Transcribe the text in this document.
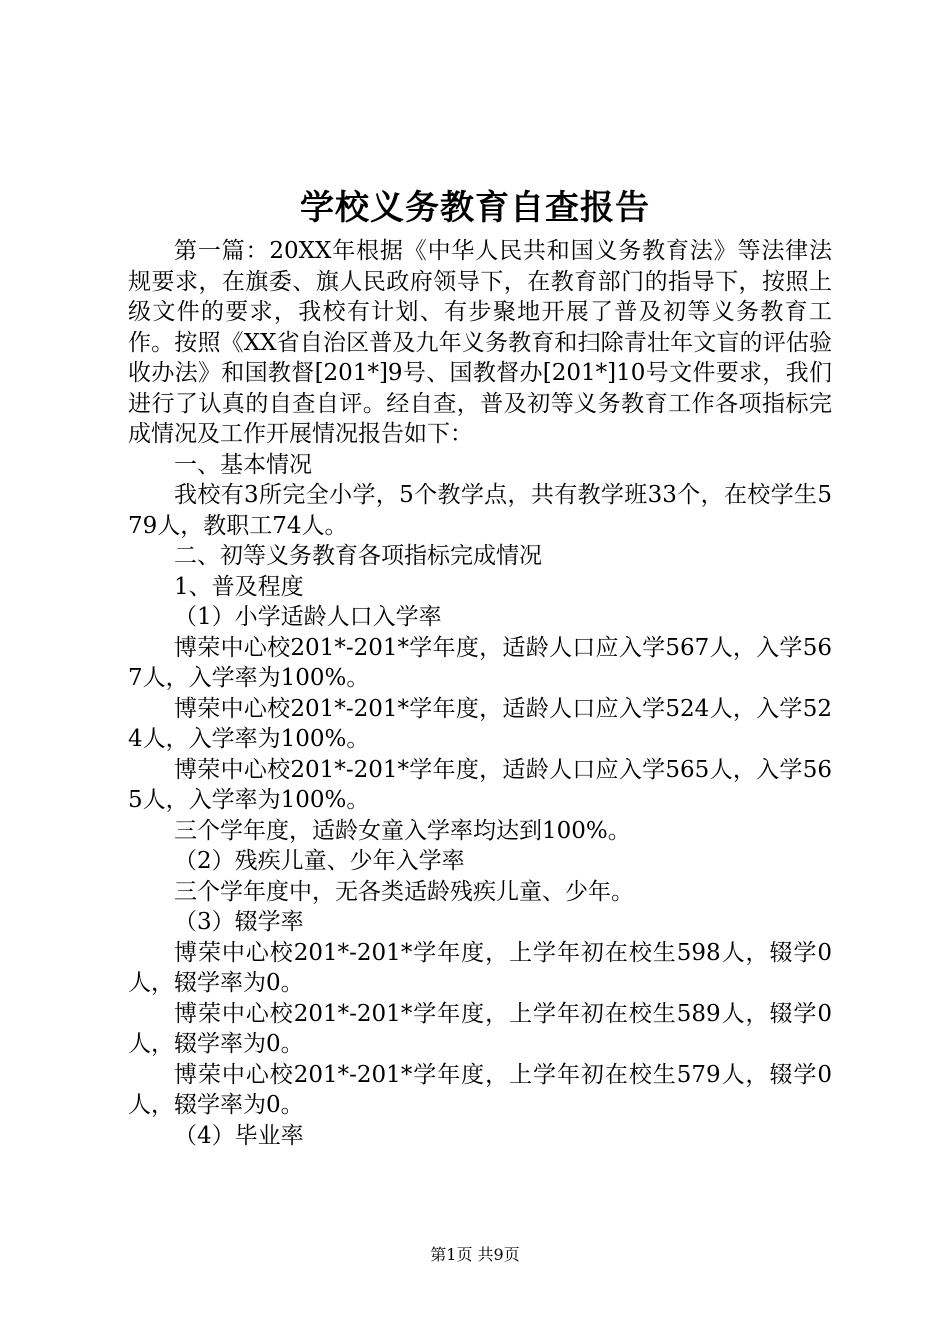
学校义务教育自查报告

第一篇：20XX年根据《中华人民共和国义务教育法》等法律法规要求，在旗委、旗人民政府领导下，在教育部门的指导下，按照上级文件的要求，我校有计划、有步聚地开展了普及初等义务教育工作。按照《XX省自治区普及九年义务教育和扫除青壮年文盲的评估验收办法》和国教督[201*]9号、国教督办[201*]10号文件要求，我们进行了认真的自查自评。经自查，普及初等义务教育工作各项指标完成情况及工作开展情况报告如下：

一、基本情况

我校有3所完全小学，5个教学点，共有教学班33个，在校学生579人，教职工74人。

二、初等义务教育各项指标完成情况

1、普及程度

（1）小学适龄人口入学率

博荣中心校201*-201*学年度，适龄人口应入学567人，入学567人，入学率为100%。

博荣中心校201*-201*学年度，适龄人口应入学524人，入学524人，入学率为100%。

博荣中心校201*-201*学年度，适龄人口应入学565人，入学565人，入学率为100%。

三个学年度，适龄女童入学率均达到100%。

（2）残疾儿童、少年入学率

三个学年度中，无各类适龄残疾儿童、少年。

（3）辍学率

博荣中心校201*-201*学年度，上学年初在校生598人，辍学0人，辍学率为0。

博荣中心校201*-201*学年度，上学年初在校生589人，辍学0人，辍学率为0。

博荣中心校201*-201*学年度，上学年初在校生579人，辍学0人，辍学率为0。

（4）毕业率

第1页 共9页
